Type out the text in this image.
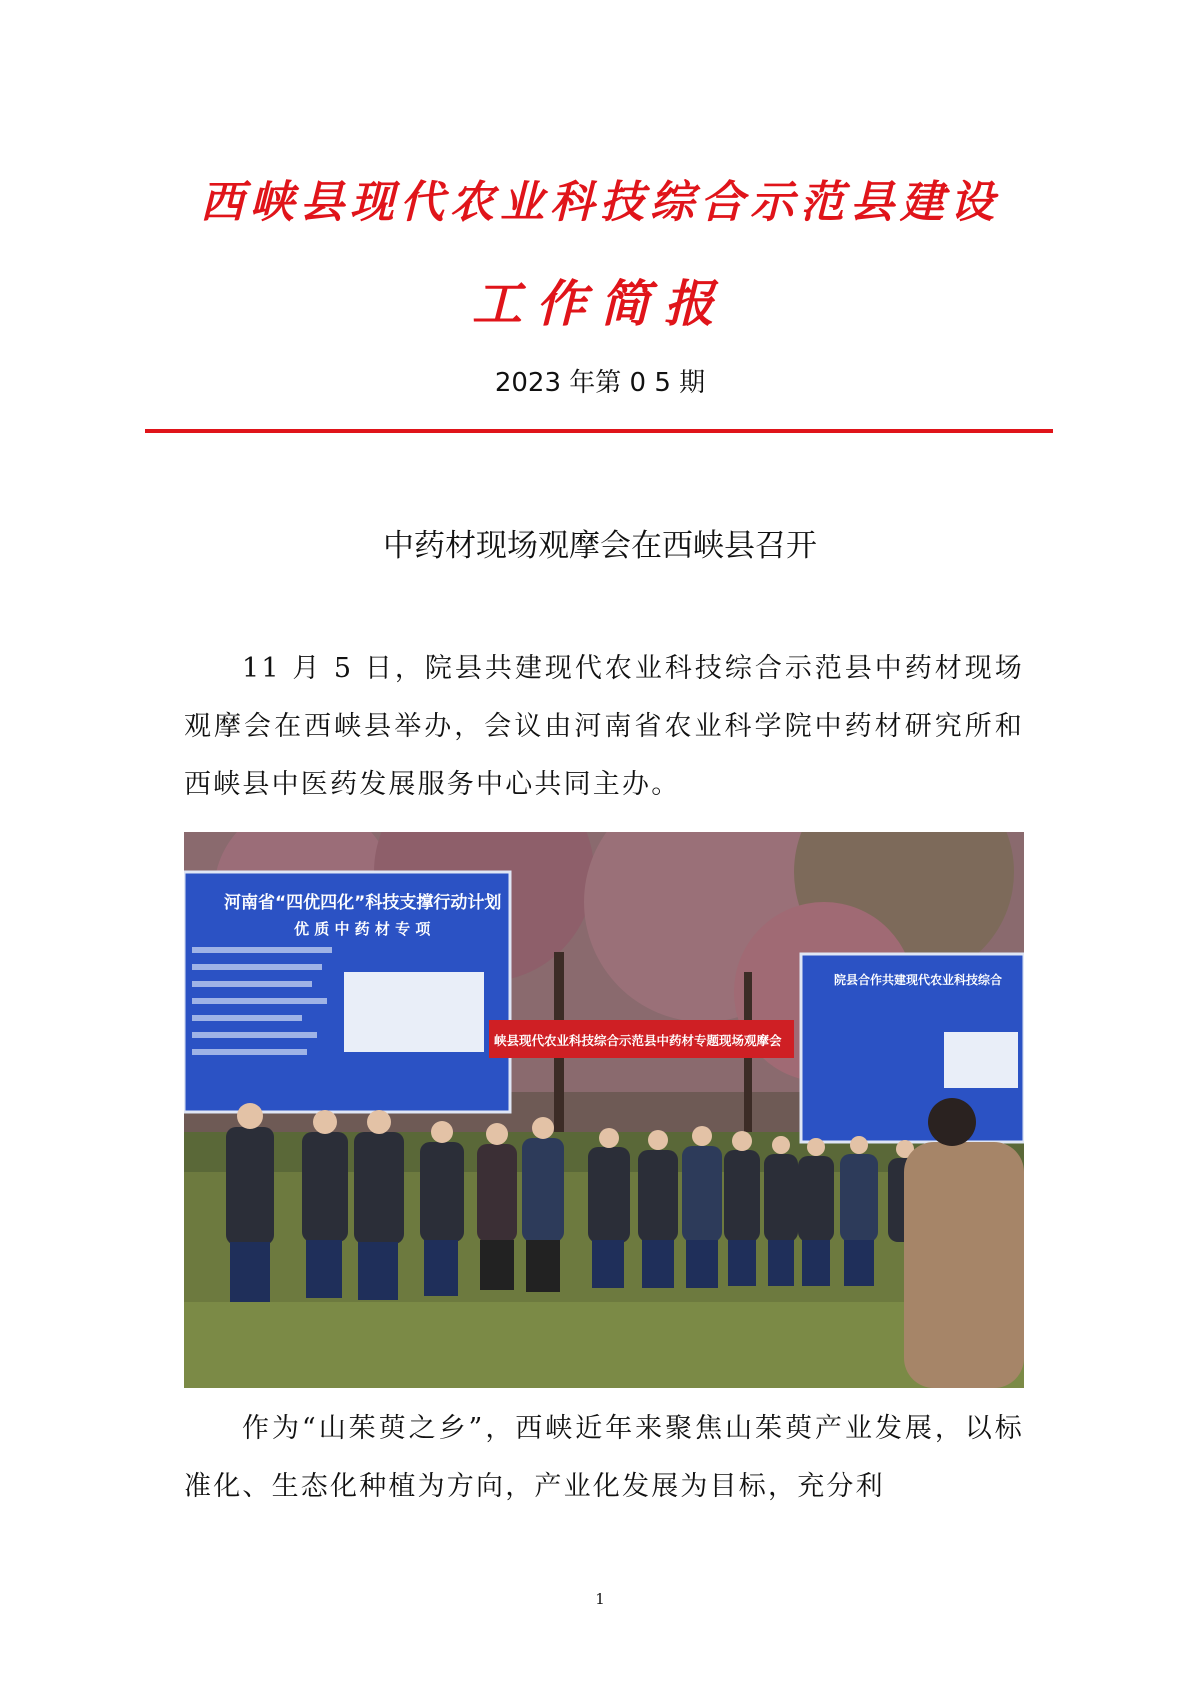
西峡县现代农业科技综合示范县建设
工作简报
2023 年第 0 5 期
中药材现场观摩会在西峡县召开

11 月 5 日，院县共建现代农业科技综合示范县中药材现场观摩会在西峡县举办，会议由河南省农业科学院中药材研究所和西峡县中医药发展服务中心共同主办。

河南省“四优四化”科技支撑行动计划
优 质 中 药 材 专 项
峡县现代农业科技综合示范县中药材专题现场观摩会
院县合作共建现代农业科技综合

作为“山茱萸之乡”，西峡近年来聚焦山茱萸产业发展，以标准化、生态化种植为方向，产业化发展为目标，充分利

1
